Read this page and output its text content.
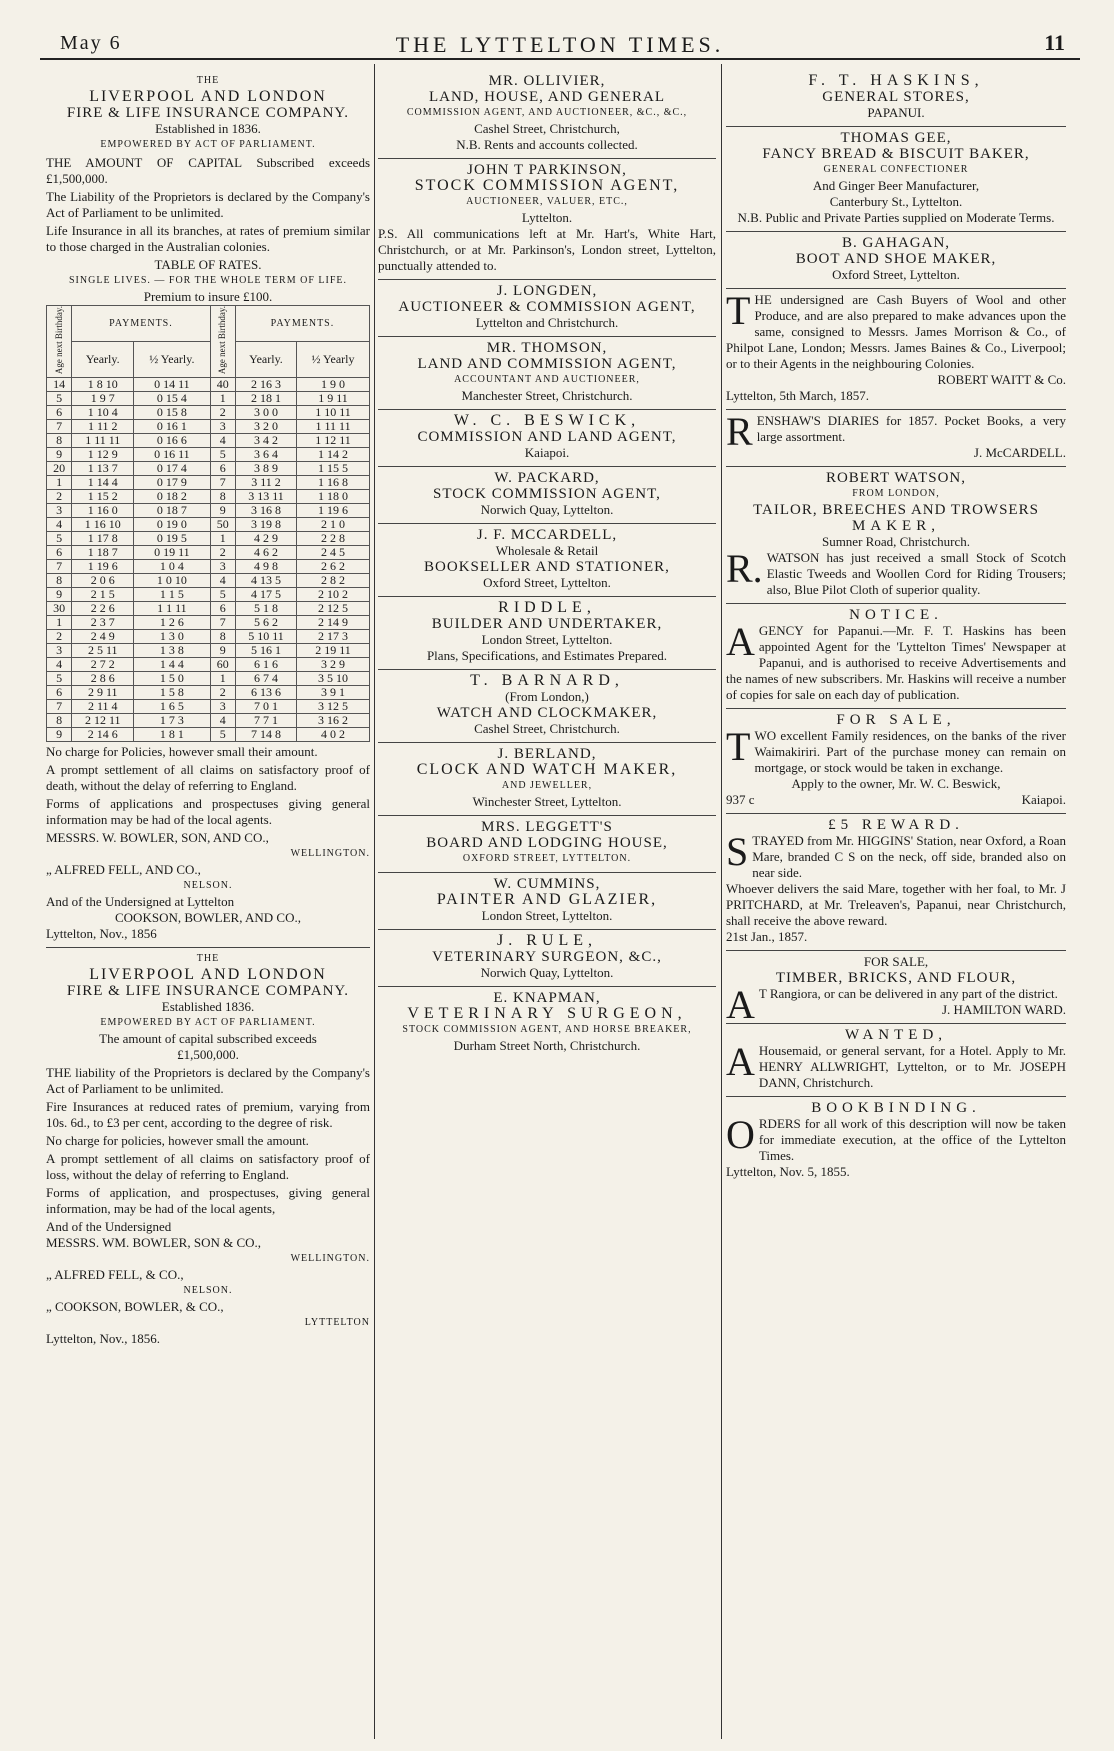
May 6	THE LYTTELTON TIMES.	11
THE
LIVERPOOL AND LONDON
FIRE & LIFE INSURANCE COMPANY.
Established in 1836.
EMPOWERED BY ACT OF PARLIAMENT.
THE AMOUNT OF CAPITAL Subscribed exceeds £1,500,000.
The Liability of the Proprietors is declared by the Company's Act of Parliament to be unlimited.
Life Insurance in all its branches, at rates of premium similar to those charged in the Australian colonies.
TABLE OF RATES.
SINGLE LIVES. — FOR THE WHOLE TERM OF LIFE.
Premium to insure £100.
Age next Birthday.	PAYMENTS.		Age next Birthday.	PAYMENTS.	
	Yearly.	½ Yearly.		Yearly.	½ Yearly
14	1 8 10	0 14 11	40	2 16 3	1 9 0
5	1 9 7	0 15 4	1	2 18 1	1 9 11
6	1 10 4	0 15 8	2	3 0 0	1 10 11
7	1 11 2	0 16 1	3	3 2 0	1 11 11
8	1 11 11	0 16 6	4	3 4 2	1 12 11
9	1 12 9	0 16 11	5	3 6 4	1 14 2
20	1 13 7	0 17 4	6	3 8 9	1 15 5
1	1 14 4	0 17 9	7	3 11 2	1 16 8
2	1 15 2	0 18 2	8	3 13 11	1 18 0
3	1 16 0	0 18 7	9	3 16 8	1 19 6
4	1 16 10	0 19 0	50	3 19 8	2 1 0
5	1 17 8	0 19 5	1	4 2 9	2 2 8
6	1 18 7	0 19 11	2	4 6 2	2 4 5
7	1 19 6	1 0 4	3	4 9 8	2 6 2
8	2 0 6	1 0 10	4	4 13 5	2 8 2
9	2 1 5	1 1 5	5	4 17 5	2 10 2
30	2 2 6	1 1 11	6	5 1 8	2 12 5
1	2 3 7	1 2 6	7	5 6 2	2 14 9
2	2 4 9	1 3 0	8	5 10 11	2 17 3
3	2 5 11	1 3 8	9	5 16 1	2 19 11
4	2 7 2	1 4 4	60	6 1 6	3 2 9
5	2 8 6	1 5 0	1	6 7 4	3 5 10
6	2 9 11	1 5 8	2	6 13 6	3 9 1
7	2 11 4	1 6 5	3	7 0 1	3 12 5
8	2 12 11	1 7 3	4	7 7 1	3 16 2
9	2 14 6	1 8 1	5	7 14 8	4 0 2
No charge for Policies, however small their amount.
A prompt settlement of all claims on satisfactory proof of death, without the delay of referring to England.
Forms of applications and prospectuses giving general information may be had of the local agents.
MESSRS. W. BOWLER, SON, AND CO.,
WELLINGTON.
„ ALFRED FELL, AND CO.,
NELSON.
And of the Undersigned at Lyttelton
COOKSON, BOWLER, AND CO.,
Lyttelton, Nov., 1856
THE
LIVERPOOL AND LONDON
FIRE & LIFE INSURANCE COMPANY.
Established 1836.
EMPOWERED BY ACT OF PARLIAMENT.
The amount of capital subscribed exceeds
£1,500,000.
THE liability of the Proprietors is declared by the Company's Act of Parliament to be unlimited.
Fire Insurances at reduced rates of premium, varying from 10s. 6d., to £3 per cent, according to the degree of risk.
No charge for policies, however small the amount.
A prompt settlement of all claims on satisfactory proof of loss, without the delay of referring to England.
Forms of application, and prospectuses, giving general information, may be had of the local agents,
And of the Undersigned
MESSRS. WM. BOWLER, SON & CO.,
WELLINGTON.
„ ALFRED FELL, & CO.,
NELSON.
„ COOKSON, BOWLER, & CO.,
LYTTELTON
Lyttelton, Nov., 1856.
MR. OLLIVIER,
LAND, HOUSE, AND GENERAL
COMMISSION AGENT, AND AUCTIONEER, &C., &C.,
Cashel Street, Christchurch,
N.B. Rents and accounts collected.
JOHN T PARKINSON,
STOCK COMMISSION AGENT,
AUCTIONEER, VALUER, ETC.,
Lyttelton.
P.S. All communications left at Mr. Hart's, White Hart, Christchurch, or at Mr. Parkinson's, London street, Lyttelton, punctually attended to.
J. LONGDEN,
AUCTIONEER & COMMISSION AGENT,
Lyttelton and Christchurch.
MR. THOMSON,
LAND AND COMMISSION AGENT,
ACCOUNTANT AND AUCTIONEER,
Manchester Street, Christchurch.
W. C. BESWICK,
COMMISSION AND LAND AGENT,
Kaiapoi.
W. PACKARD,
STOCK COMMISSION AGENT,
Norwich Quay, Lyttelton.
J. F. MCCARDELL,
Wholesale & Retail
BOOKSELLER AND STATIONER,
Oxford Street, Lyttelton.
RIDDLE,
BUILDER AND UNDERTAKER,
London Street, Lyttelton.
Plans, Specifications, and Estimates Prepared.
T. BARNARD,
(From London,)
WATCH AND CLOCKMAKER,
Cashel Street, Christchurch.
J. BERLAND,
CLOCK AND WATCH MAKER,
AND JEWELLER,
Winchester Street, Lyttelton.
MRS. LEGGETT'S
BOARD AND LODGING HOUSE,
OXFORD STREET, LYTTELTON.
W. CUMMINS,
PAINTER AND GLAZIER,
London Street, Lyttelton.
J. RULE,
VETERINARY SURGEON, &C.,
Norwich Quay, Lyttelton.
E. KNAPMAN,
VETERINARY SURGEON,
STOCK COMMISSION AGENT, AND HORSE BREAKER,
Durham Street North, Christchurch.
F. T. HASKINS,
GENERAL STORES,
PAPANUI.
THOMAS GEE,
FANCY BREAD & BISCUIT BAKER,
GENERAL CONFECTIONER
And Ginger Beer Manufacturer,
Canterbury St., Lyttelton.
N.B. Public and Private Parties supplied on Moderate Terms.
B. GAHAGAN,
BOOT AND SHOE MAKER,
Oxford Street, Lyttelton.
THE undersigned are Cash Buyers of Wool and other Produce, and are also prepared to make advances upon the same, consigned to Messrs. James Morrison & Co., of Philpot Lane, London; Messrs. James Baines & Co., Liverpool; or to their Agents in the neighbouring Colonies.
ROBERT WAITT & Co.
Lyttelton, 5th March, 1857.
RENSHAW'S DIARIES for 1857. Pocket Books, a very large assortment.
J. McCARDELL.
ROBERT WATSON,
FROM LONDON,
TAILOR, BREECHES AND TROWSERS
MAKER,
Sumner Road, Christchurch.
R. WATSON has just received a small Stock of Scotch Elastic Tweeds and Woollen Cord for Riding Trousers; also, Blue Pilot Cloth of superior quality.
NOTICE.
AGENCY for Papanui.—Mr. F. T. Haskins has been appointed Agent for the 'Lyttelton Times' Newspaper at Papanui, and is authorised to receive Advertisements and the names of new subscribers. Mr. Haskins will receive a number of copies for sale on each day of publication.
FOR SALE,
TWO excellent Family residences, on the banks of the river Waimakiriri. Part of the purchase money can remain on mortgage, or stock would be taken in exchange.
Apply to the owner, Mr. W. C. Beswick,
937 c	Kaiapoi.
£5 REWARD.
STRAYED from Mr. HIGGINS' Station, near Oxford, a Roan Mare, branded C S on the neck, off side, branded also on near side.
Whoever delivers the said Mare, together with her foal, to Mr. J PRITCHARD, at Mr. Treleaven's, Papanui, near Christchurch, shall receive the above reward.
21st Jan., 1857.
FOR SALE,
TIMBER, BRICKS, AND FLOUR,
A T Rangiora, or can be delivered in any part of the district.
J. HAMILTON WARD.
WANTED,
A Housemaid, or general servant, for a Hotel. Apply to Mr. HENRY ALLWRIGHT, Lyttelton, or to Mr. JOSEPH DANN, Christchurch.
BOOKBINDING.
ORDERS for all work of this description will now be taken for immediate execution, at the office of the Lyttelton Times.
Lyttelton, Nov. 5, 1855.
